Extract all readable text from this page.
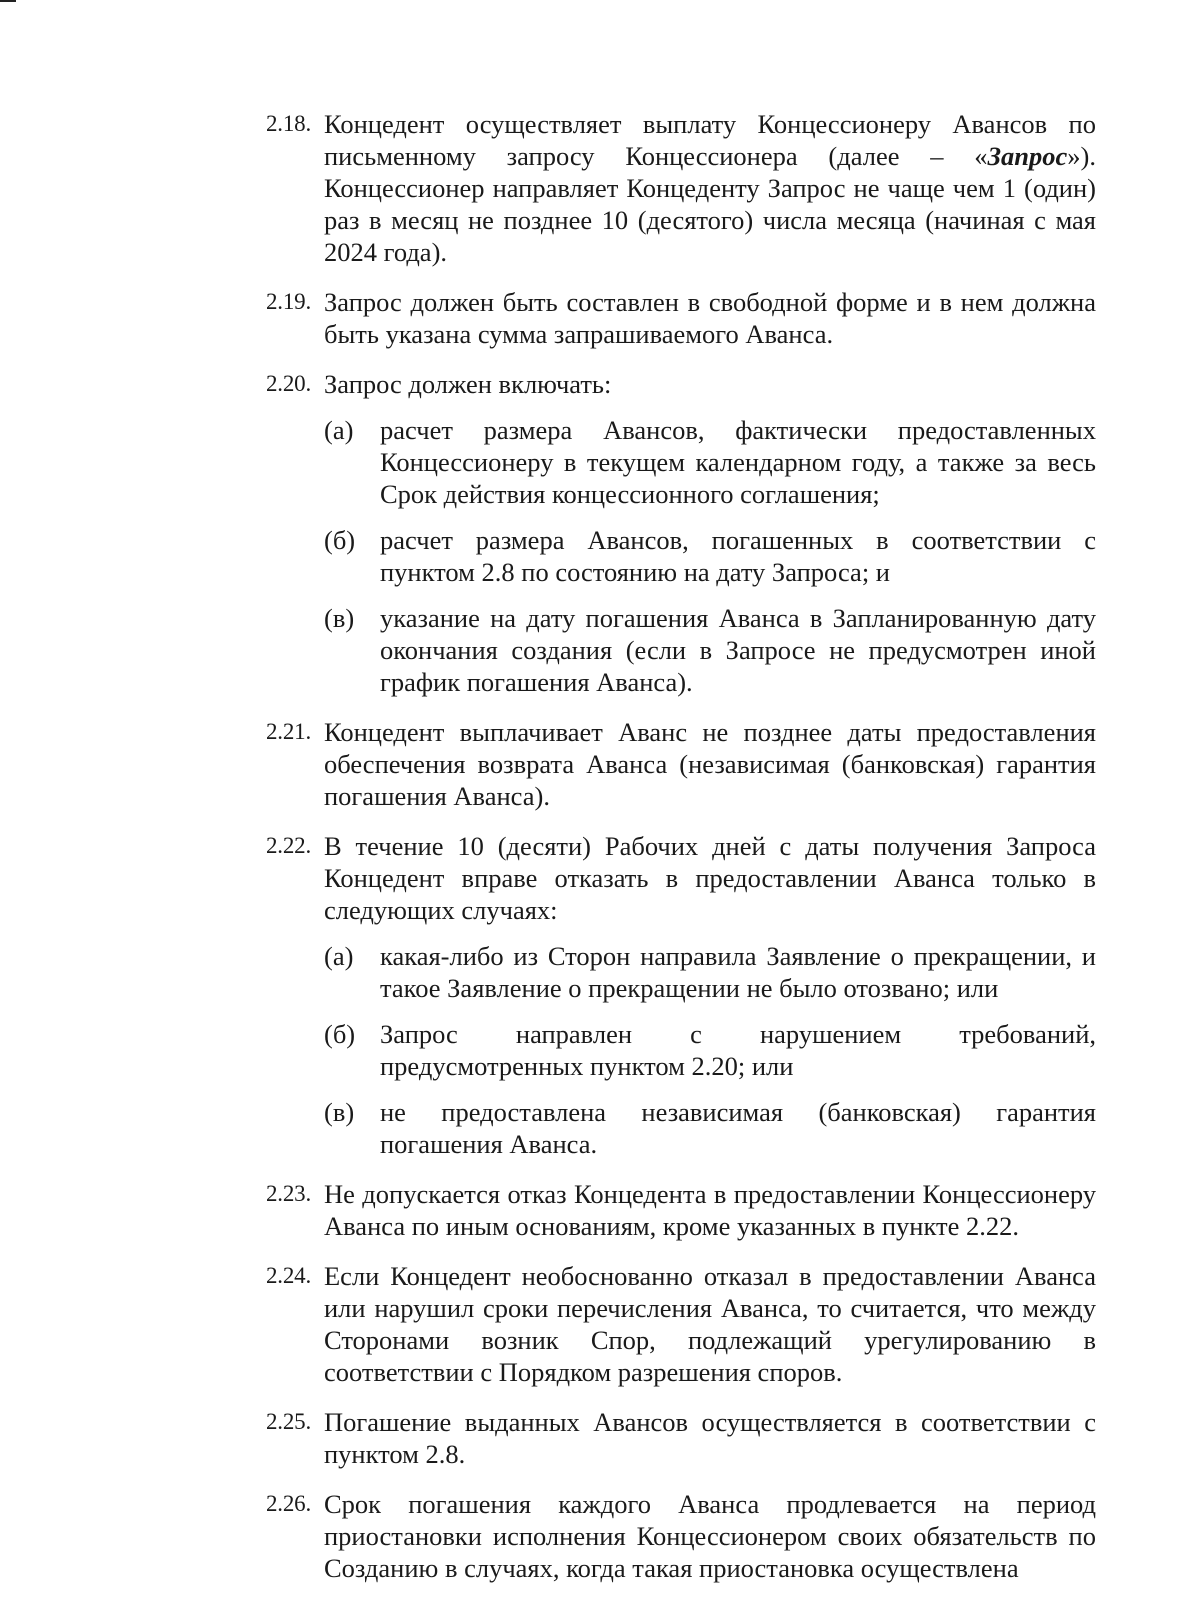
2.18. Концедент осуществляет выплату Концессионеру Авансов по письменному запросу Концессионера (далее – «Запрос»). Концессионер направляет Концеденту Запрос не чаще чем 1 (один) раз в месяц не позднее 10 (десятого) числа месяца (начиная с мая 2024 года).
2.19. Запрос должен быть составлен в свободной форме и в нем должна быть указана сумма запрашиваемого Аванса.
2.20. Запрос должен включать:
(а)	расчет размера Авансов, фактически предоставленных Концессионеру в текущем календарном году, а также за весь Срок действия концессионного соглашения;
(б) расчет размера Авансов, погашенных в соответствии с пунктом 2.8 по состоянию на дату Запроса; и
(в) указание на дату погашения Аванса в Запланированную дату окончания создания (если в Запросе не предусмотрен иной график погашения Аванса).
2.21. Концедент выплачивает Аванс не позднее даты предоставления обеспечения возврата Аванса (независимая (банковская) гарантия погашения Аванса).
2.22. В течение 10 (десяти) Рабочих дней с даты получения Запроса Концедент вправе отказать в предоставлении Аванса только в следующих случаях:
(а)	какая-либо из Сторон направила Заявление о прекращении, и такое Заявление о прекращении не было отозвано; или
(б) Запрос направлен с нарушением требований, предусмотренных пунктом 2.20; или
(в) не предоставлена независимая (банковская) гарантия погашения Аванса.
2.23. Не допускается отказ Концедента в предоставлении Концессионеру Аванса по иным основаниям, кроме указанных в пункте 2.22.
2.24. Если Концедент необоснованно отказал в предоставлении Аванса или нарушил сроки перечисления Аванса, то считается, что между Сторонами возник Спор, подлежащий урегулированию в соответствии с Порядком разрешения споров.
2.25. Погашение выданных Авансов осуществляется в соответствии с пунктом 2.8.
2.26. Срок погашения каждого Аванса продлевается на период приостановки исполнения Концессионером своих обязательств по Созданию в случаях, когда такая приостановка осуществлена
